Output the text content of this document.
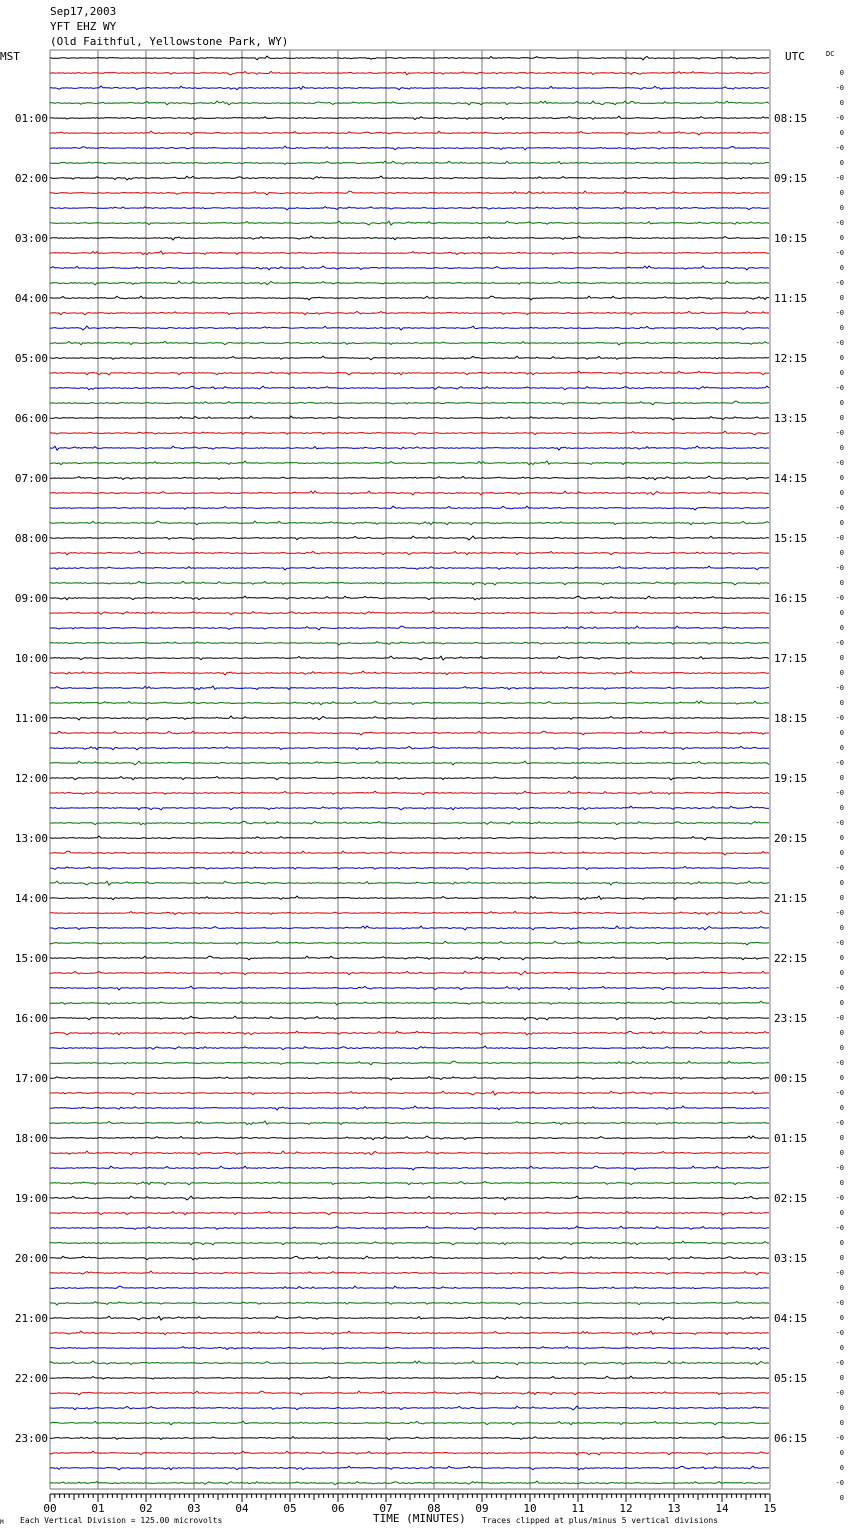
Sep17,2003
YFT EHZ WY
(Old Faithful, Yellowstone Park, WY)
MST	UTC	DC
01:00
02:00
03:00
04:00
05:00
06:00
07:00
08:00
09:00
10:00
11:00
12:00
13:00
14:00
15:00
16:00
17:00
18:00
19:00
20:00
21:00
22:00
23:00
08:15
09:15
10:15
11:15
12:15
13:15
14:15
15:15
16:15
17:15
18:15
19:15
20:15
21:15
22:15
23:15
00:15
01:15
02:15
03:15
04:15
05:15
06:15
0
-0
0
-0
0
-0
0
-0
0
0
-0
0
-0
0
-0
0
-0
0
-0
0
0
-0
0
0
-0
0
-0
0
0
-0
0
-0
0
-0
0
-0
0
0
-0
0
0
-0
0
-0
0
0
-0
0
-0
0
-0
0
0
-0
0
0
-0
0
-0
0
0
-0
0
-0
0
0
-0
0
-0
0
-0
0
0
-0
0
-0
0
-0
0
0
-0
0
-0
0
-0
0
-0
0
-0
0
0
-0
0
0
-0
0
00	01	02	03	04	05	06	07	08	09	10	11	12	13	14	15
M Each Vertical Division = 125.00 microvolts	TIME (MINUTES) Traces clipped at plus/minus 5 vertical divisions
